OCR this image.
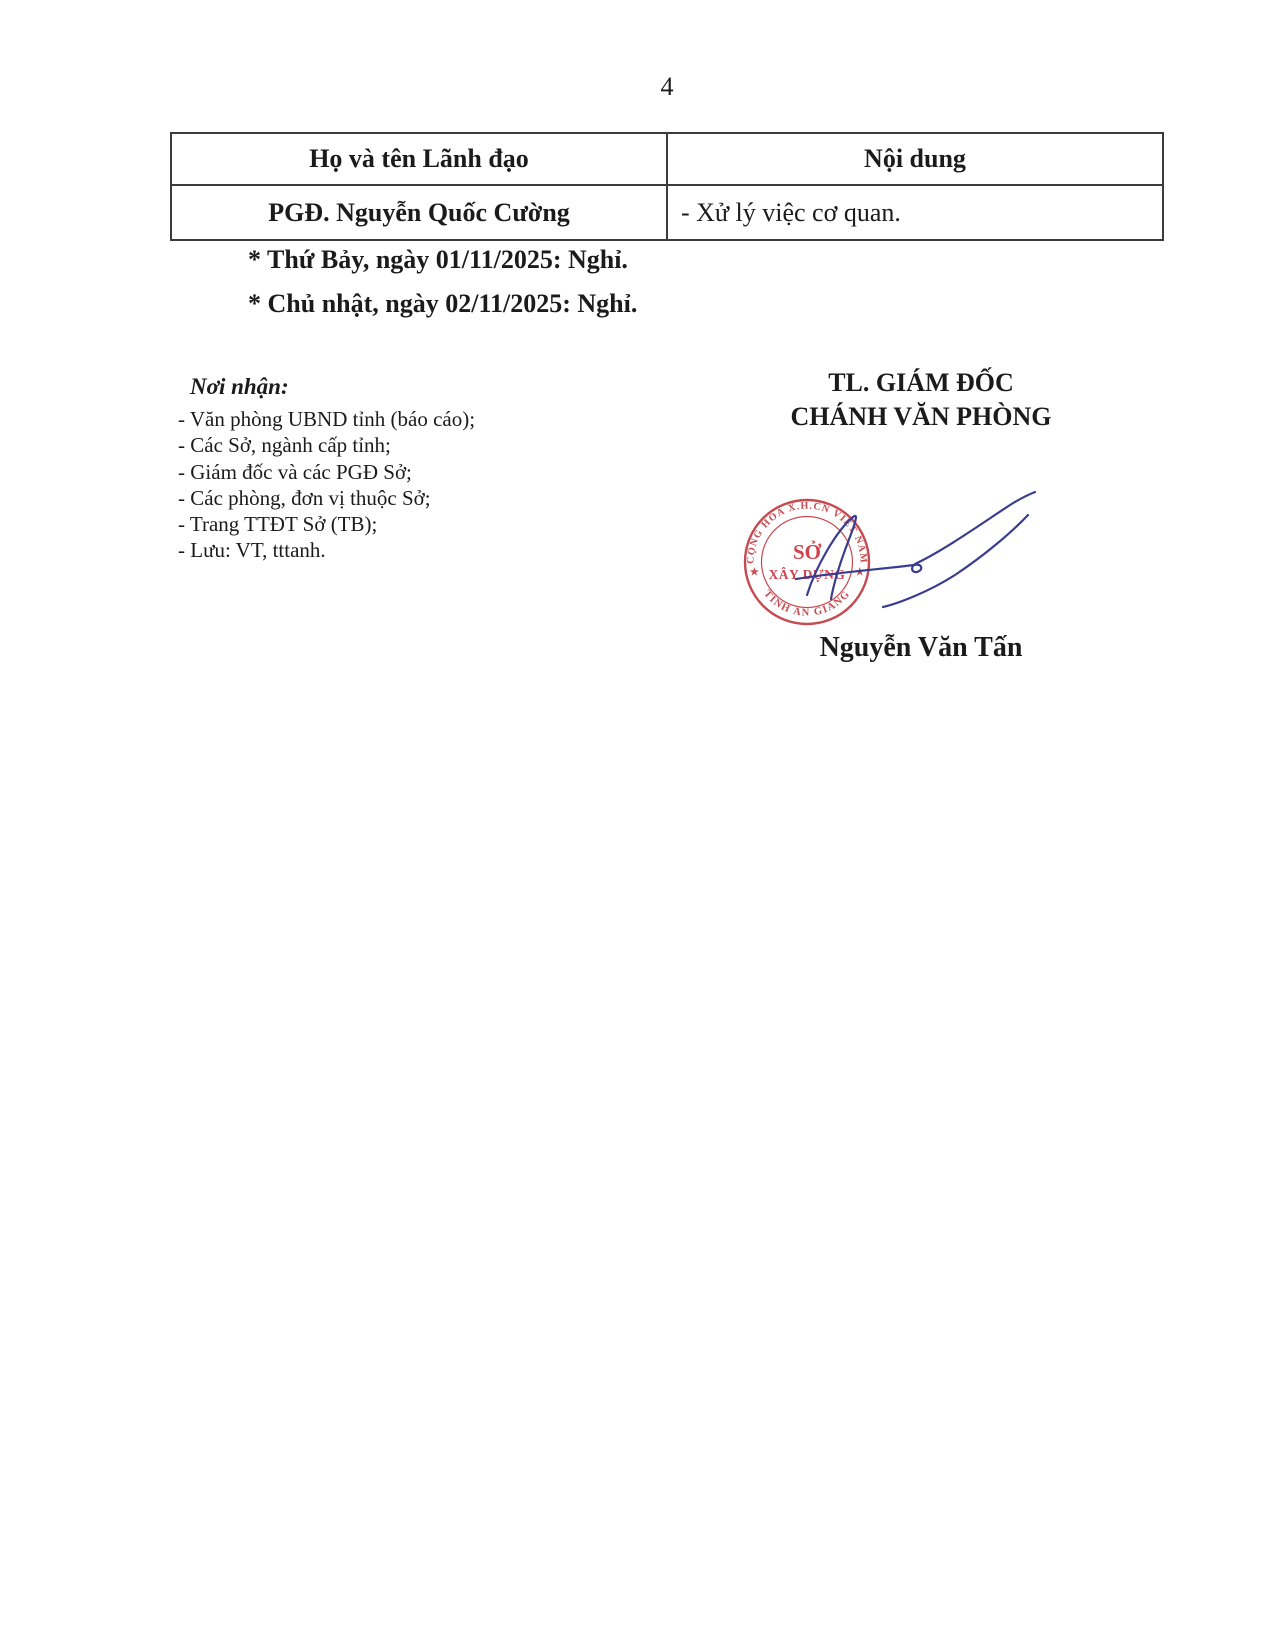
4
Họ và tên Lãnh đạo	Nội dung
PGĐ. Nguyễn Quốc Cường	- Xử lý việc cơ quan.
* Thứ Bảy, ngày 01/11/2025: Nghỉ.
* Chủ nhật, ngày 02/11/2025: Nghỉ.
Nơi nhận:
- Văn phòng UBND tỉnh (báo cáo);
- Các Sở, ngành cấp tỉnh;
- Giám đốc và các PGĐ Sở;
- Các phòng, đơn vị thuộc Sở;
- Trang TTĐT Sở (TB);
- Lưu: VT, tttanh.
TL. GIÁM ĐỐC
CHÁNH VĂN PHÒNG
CỘNG HÒA X.H.CN VIỆT NAM
TỈNH AN GIANG
★	★
SỞ
XÂY DỰNG
Nguyễn Văn Tấn
